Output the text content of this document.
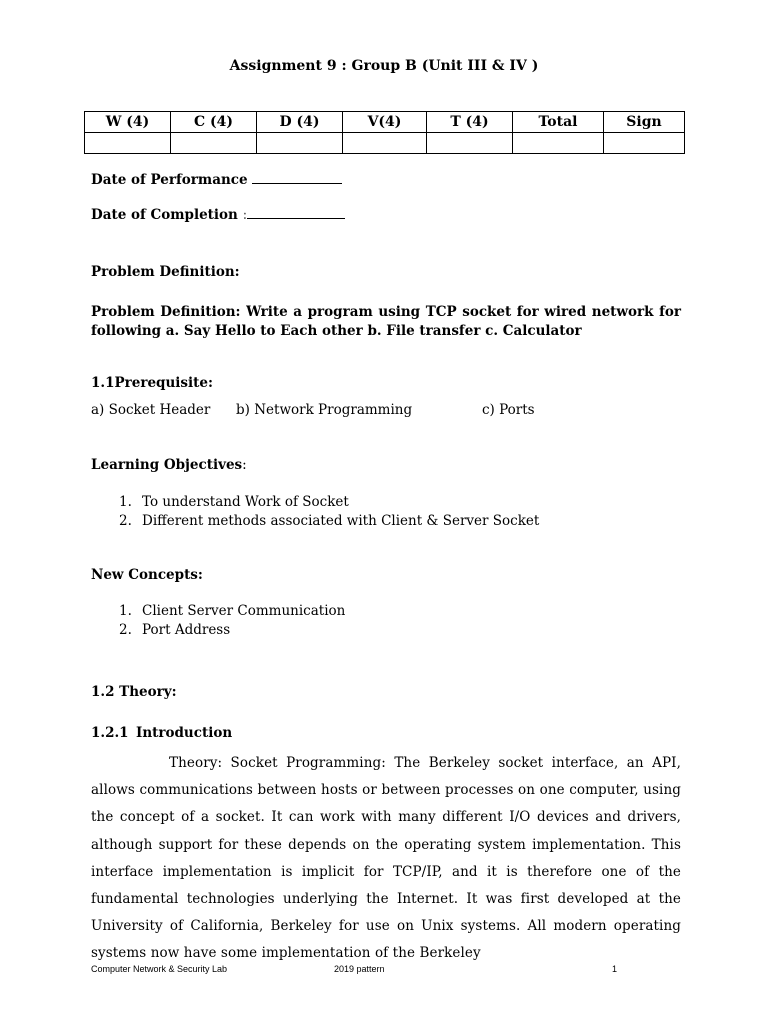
Assignment 9 : Group B (Unit III & IV )
W (4)	C (4)	D (4)	V(4)	T (4)	Total	Sign

Date of Performance
Date of Completion :
Problem Definition:
Problem Definition: Write a program using TCP socket for wired network for following a. Say Hello to Each other b. File transfer c. Calculator
1.1Prerequisite:
a) Socket Header b) Network Programming	c) Ports
Learning Objectives:
1. To understand Work of Socket
2. Different methods associated with Client & Server Socket
New Concepts:
1. Client Server Communication
2. Port Address
1.2 Theory:
1.2.1 Introduction
Theory: Socket Programming: The Berkeley socket interface, an API, allows communications between hosts or between processes on one computer, using the concept of a socket. It can work with many different I/O devices and drivers, although support for these depends on the operating system implementation. This interface implementation is implicit for TCP/IP, and it is therefore one of the fundamental technologies underlying the Internet. It was first developed at the University of California, Berkeley for use on Unix systems. All modern operating systems now have some implementation of the Berkeley
Computer Network & Security Lab	2019 pattern	1
